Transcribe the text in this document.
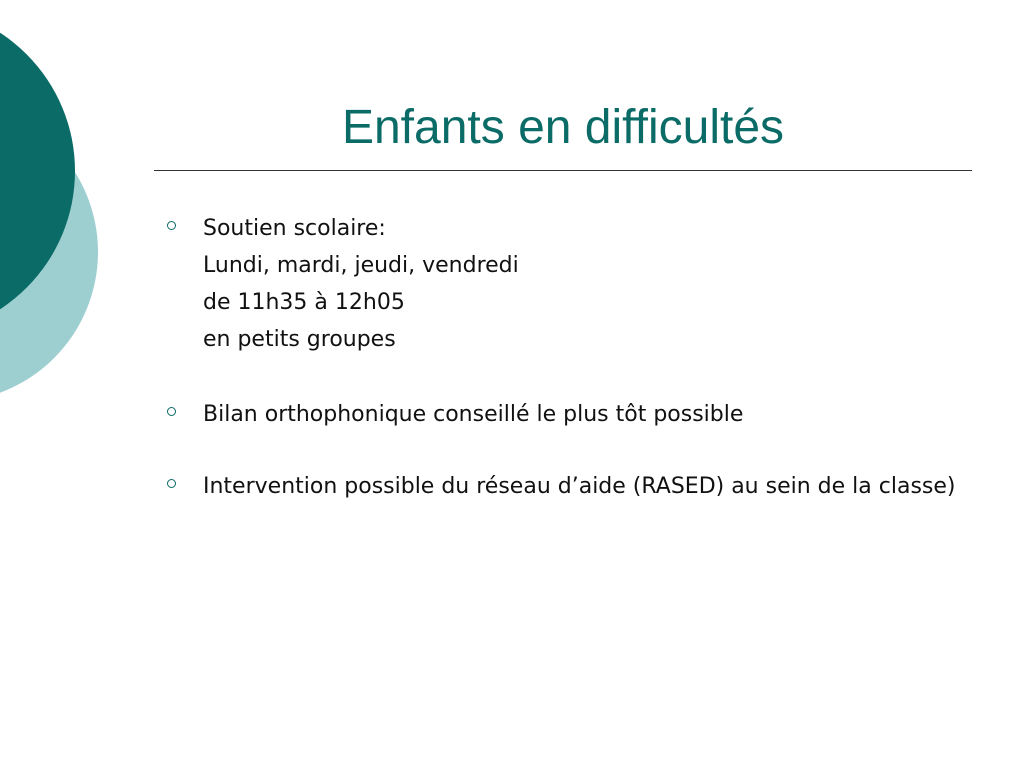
Enfants en difficultés
Soutien scolaire:
Lundi, mardi, jeudi, vendredi
de 11h35 à 12h05
en petits groupes
Bilan orthophonique conseillé le plus tôt possible
Intervention possible du réseau d’aide (RASED) au sein de la classe)
